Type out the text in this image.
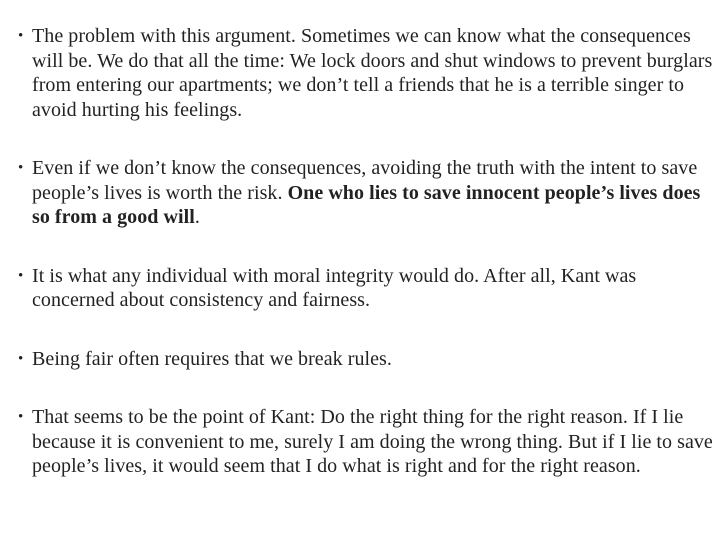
• The problem with this argument. Sometimes we can know what the consequences will be. We do that all the time: We lock doors and shut windows to prevent burglars from entering our apartments; we don’t tell a friends that he is a terrible singer to avoid hurting his feelings.
• Even if we don’t know the consequences, avoiding the truth with the intent to save people’s lives is worth the risk. One who lies to save innocent people’s lives does so from a good will.
• It is what any individual with moral integrity would do. After all, Kant was concerned about consistency and fairness.
• Being fair often requires that we break rules.
• That seems to be the point of Kant: Do the right thing for the right reason. If I lie because it is convenient to me, surely I am doing the wrong thing. But if I lie to save people’s lives, it would seem that I do what is right and for the right reason.
